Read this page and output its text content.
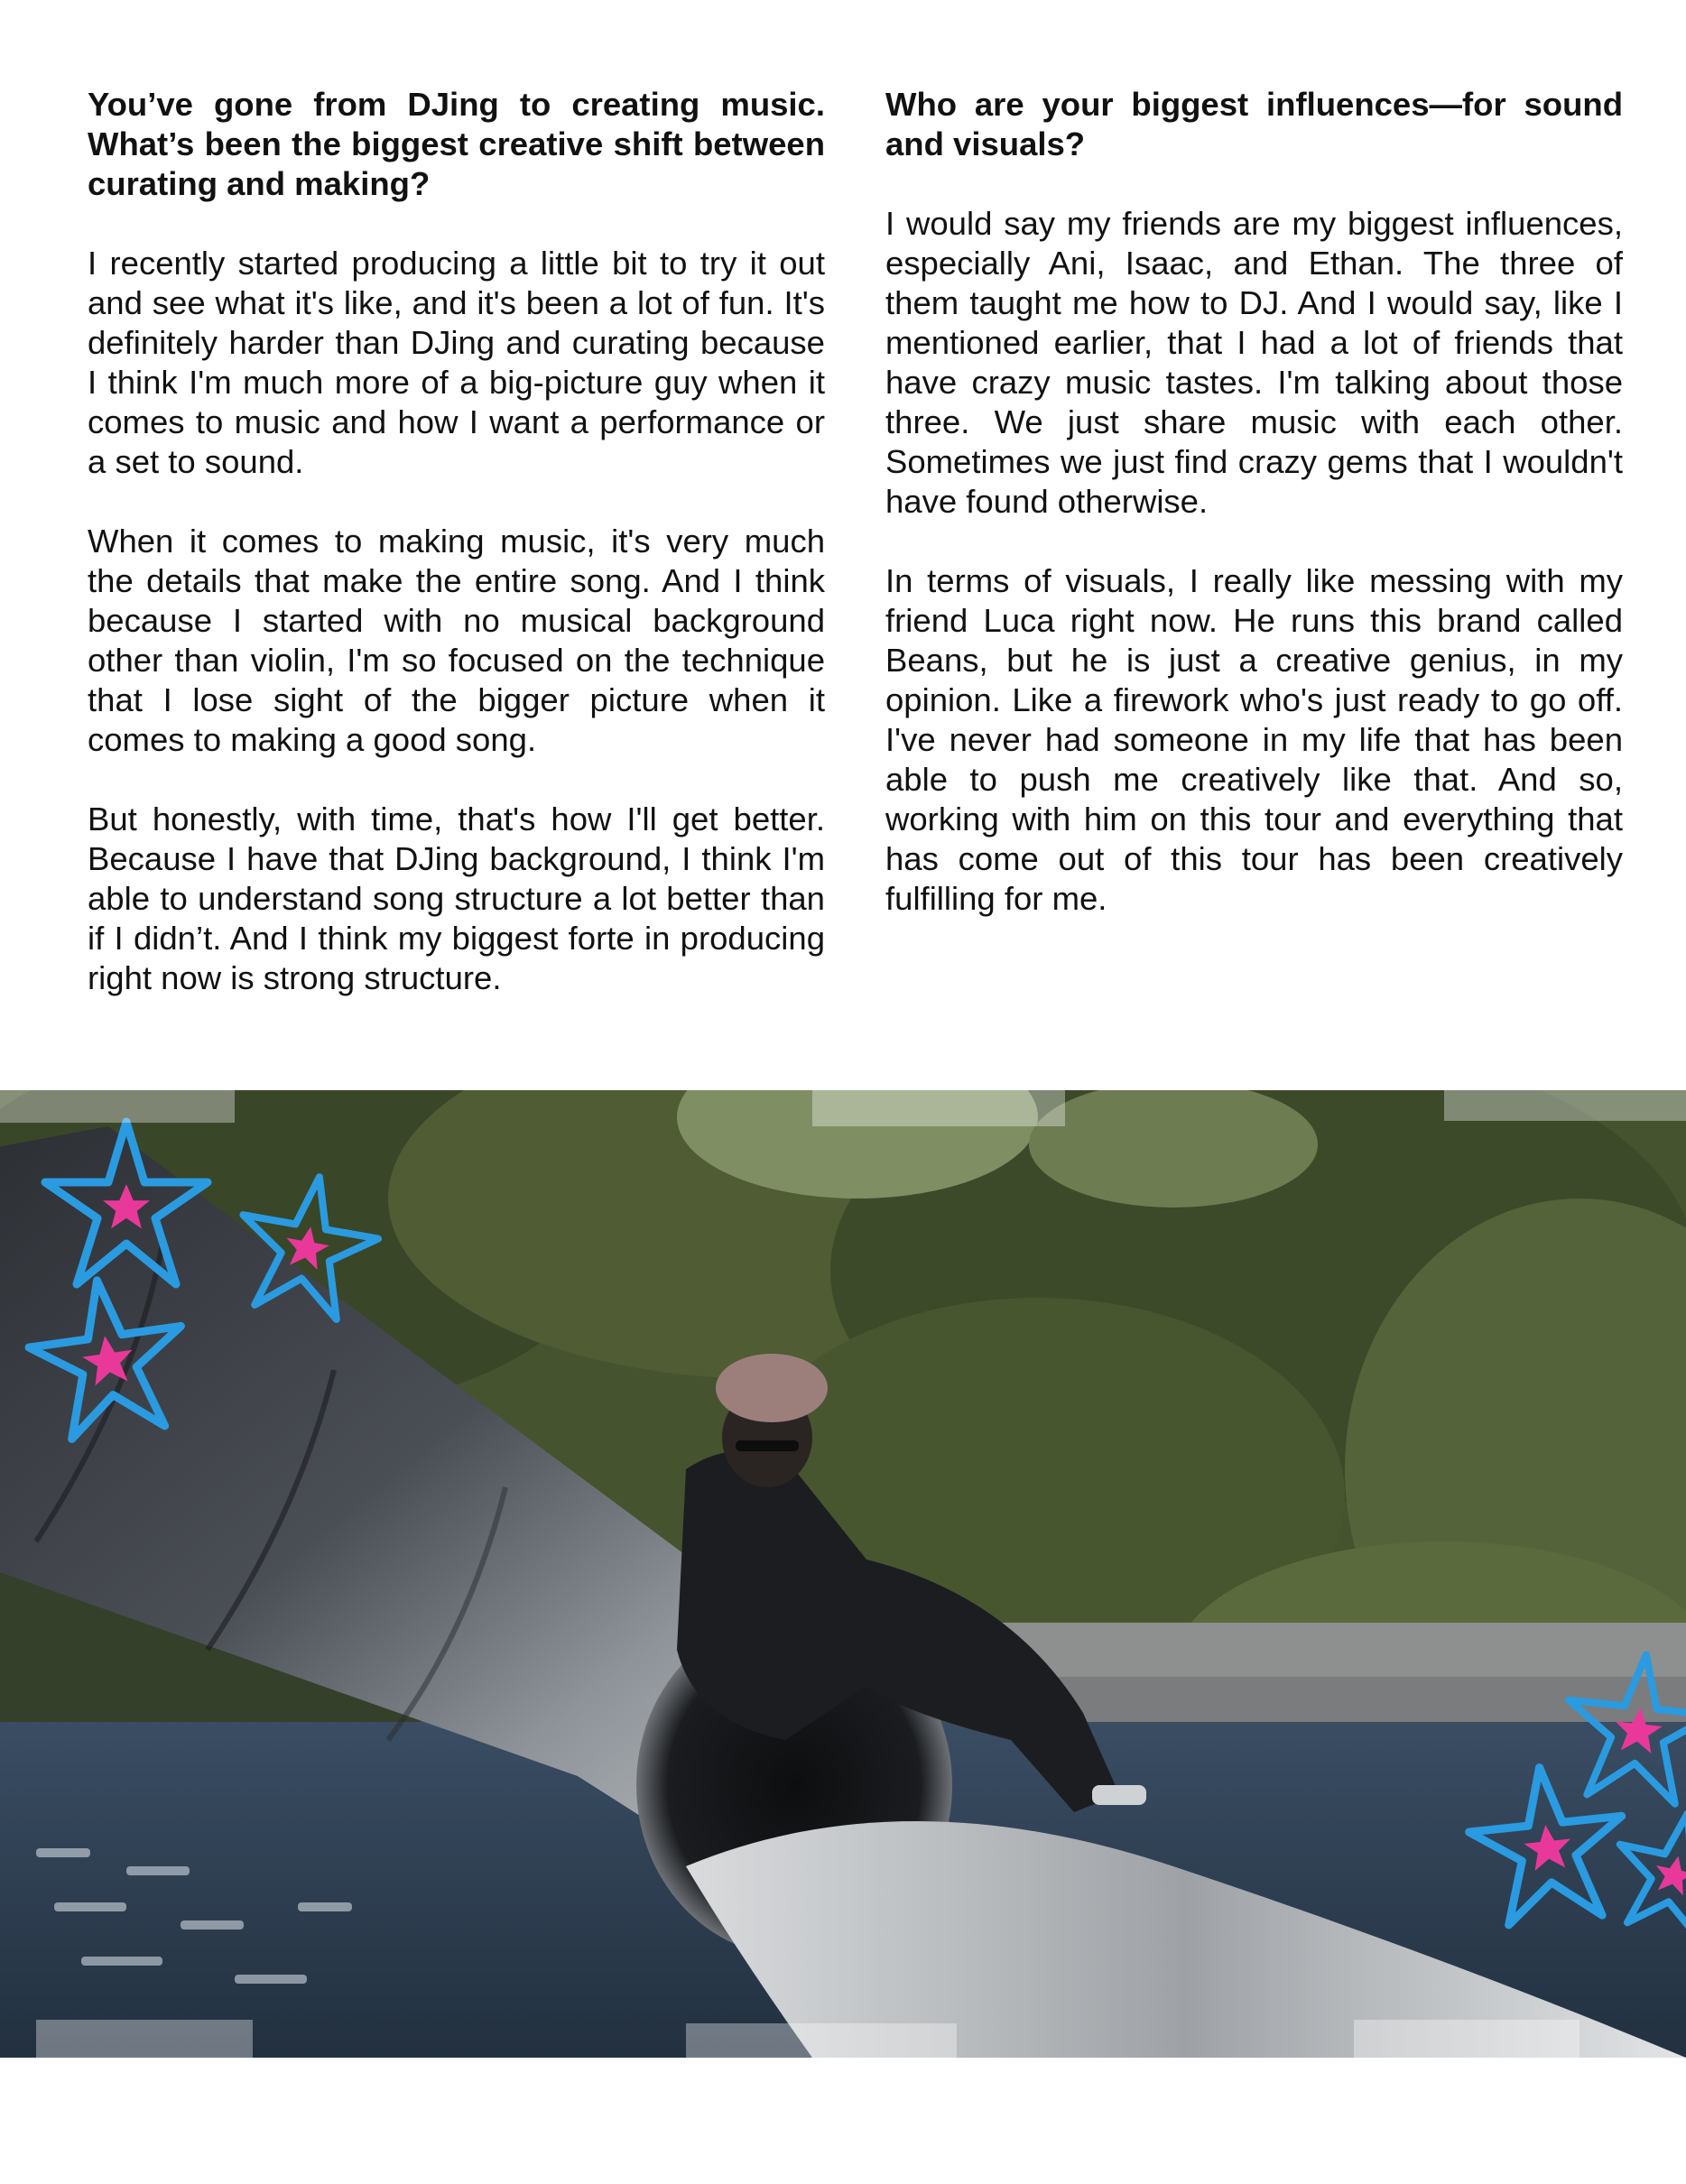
You’ve gone from DJing to creating music. What’s been the biggest creative shift between curating and making?

I recently started producing a little bit to try it out and see what it's like, and it's been a lot of fun. It's definitely harder than DJing and curating because I think I'm much more of a big-picture guy when it comes to music and how I want a performance or a set to sound.

When it comes to making music, it's very much the details that make the entire song. And I think because I started with no musical background other than violin, I'm so focused on the technique that I lose sight of the bigger picture when it comes to making a good song.

But honestly, with time, that's how I'll get better. Because I have that DJing background, I think I'm able to understand song structure a lot better than if I didn’t. And I think my biggest forte in producing right now is strong structure.

Who are your biggest influences—for sound and visuals?

I would say my friends are my biggest influences, especially Ani, Isaac, and Ethan. The three of them taught me how to DJ. And I would say, like I mentioned earlier, that I had a lot of friends that have crazy music tastes. I'm talking about those three. We just share music with each other. Sometimes we just find crazy gems that I wouldn't have found otherwise.

In terms of visuals, I really like messing with my friend Luca right now. He runs this brand called Beans, but he is just a creative genius, in my opinion. Like a firework who's just ready to go off. I've never had someone in my life that has been able to push me creatively like that. And so, working with him on this tour and everything that has come out of this tour has been creatively fulfilling for me.
